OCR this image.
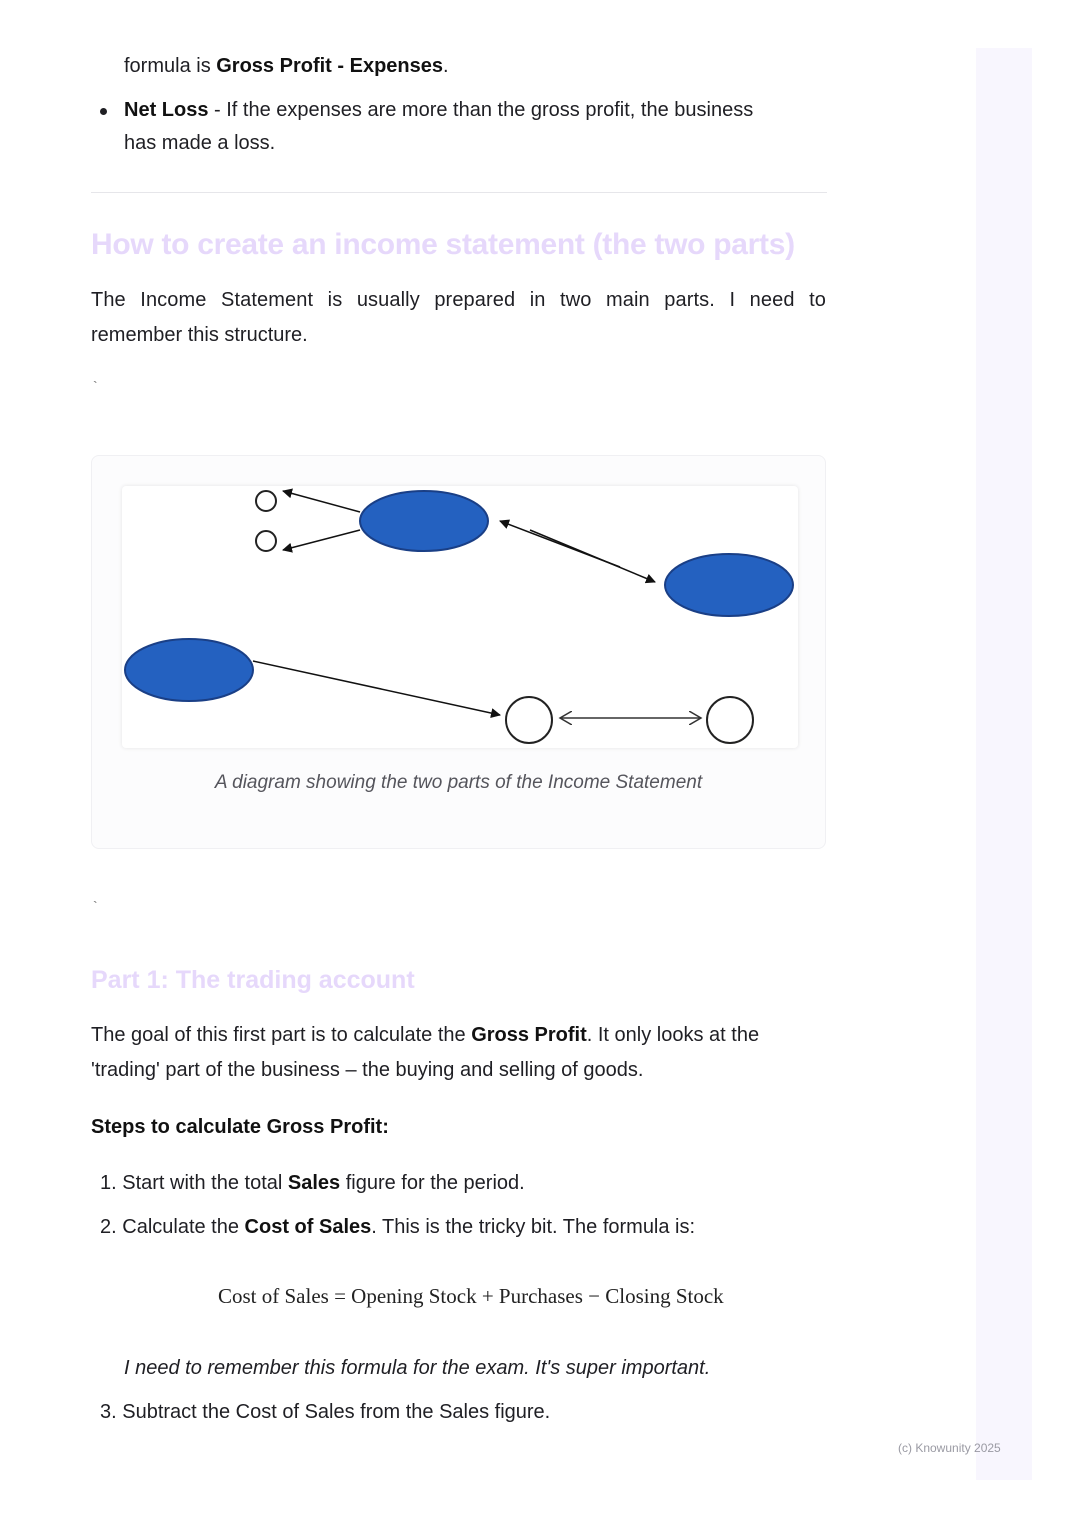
formula is Gross Profit - Expenses.

Net Loss - If the expenses are more than the gross profit, the business

has made a loss.

How to create an income statement (the two parts)

The Income Statement is usually prepared in two main parts. I need to

remember this structure.

`
A diagram showing the two parts of the Income Statement
`
Part 1: The trading account

The goal of this first part is to calculate the Gross Profit. It only looks at the

'trading' part of the business – the buying and selling of goods.

Steps to calculate Gross Profit:

1. Start with the total Sales figure for the period.

2. Calculate the Cost of Sales. This is the tricky bit. The formula is:

Cost of Sales = Opening Stock + Purchases − Closing Stock

I need to remember this formula for the exam. It's super important.

3. Subtract the Cost of Sales from the Sales figure.

(c) Knowunity 2025
